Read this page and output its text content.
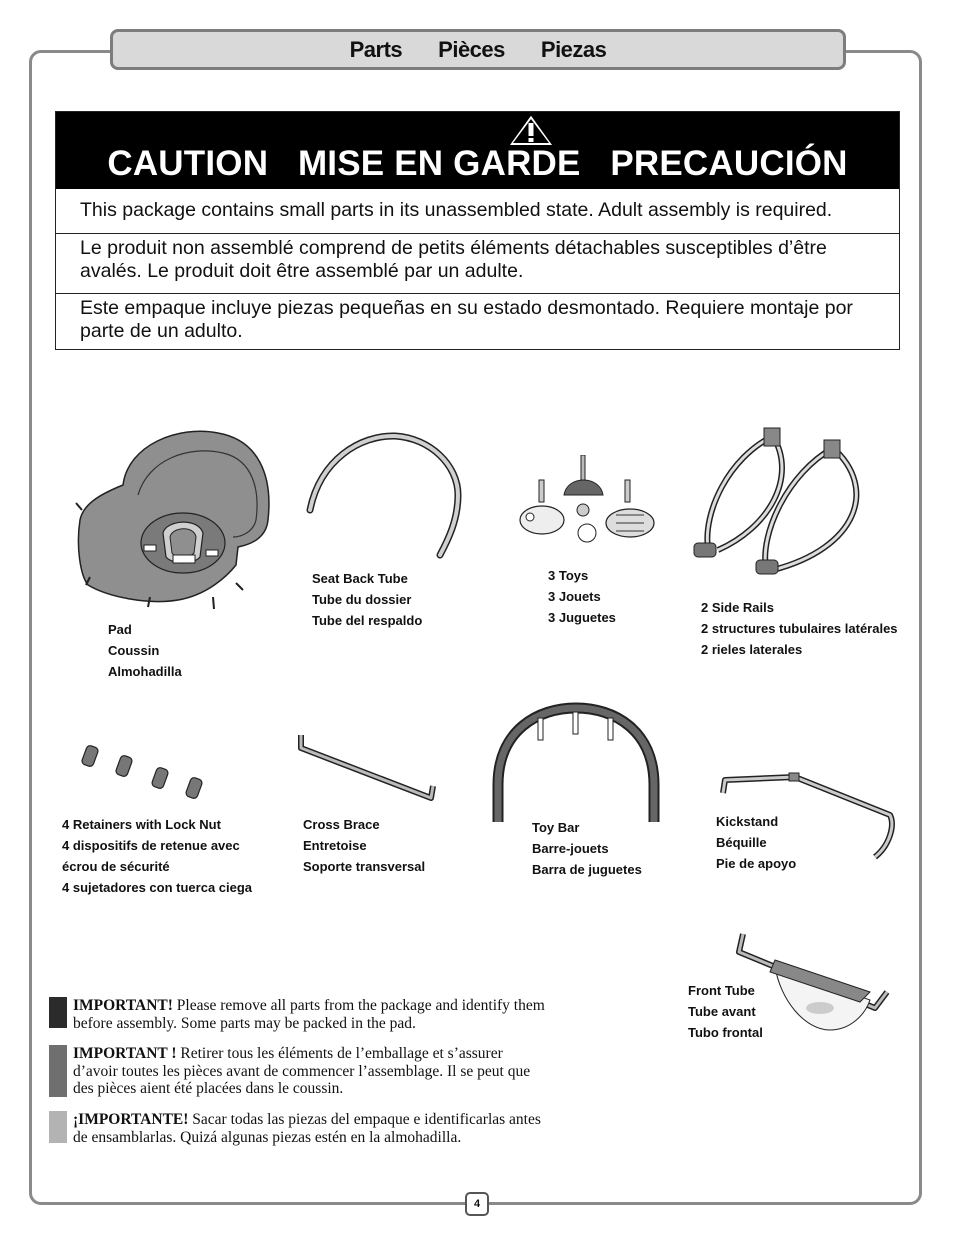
Parts Pièces Piezas
CAUTION   MISE EN GARDE   PRECAUCIÓN
This package contains small parts in its unassembled state. Adult assembly is required.
Le produit non assemblé comprend de petits éléments détachables susceptibles d’être avalés. Le produit doit être assemblé par un adulte.
Este empaque incluye piezas pequeñas en su estado desmontado. Requiere montaje por parte de un adulto.
Pad
Coussin
Almohadilla
Seat Back Tube
Tube du dossier
Tube del respaldo
3 Toys
3 Jouets
3 Juguetes
2 Side Rails
2 structures tubulaires latérales
2 rieles laterales
4 Retainers with Lock Nut
4 dispositifs de retenue avec
écrou de sécurité
4 sujetadores con tuerca ciega
Cross Brace
Entretoise
Soporte transversal
Toy Bar
Barre-jouets
Barra de juguetes
Kickstand
Béquille
Pie de apoyo
Front Tube
Tube avant
Tubo frontal
IMPORTANT! Please remove all parts from the package and identify them before assembly. Some parts may be packed in the pad.
IMPORTANT ! Retirer tous les éléments de l’emballage et s’assurer d’avoir toutes les pièces avant de commencer l’assemblage. Il se peut que des pièces aient été placées dans le coussin.
¡IMPORTANTE! Sacar todas las piezas del empaque e identificarlas antes de ensamblarlas. Quizá algunas piezas estén en la almohadilla.
4
